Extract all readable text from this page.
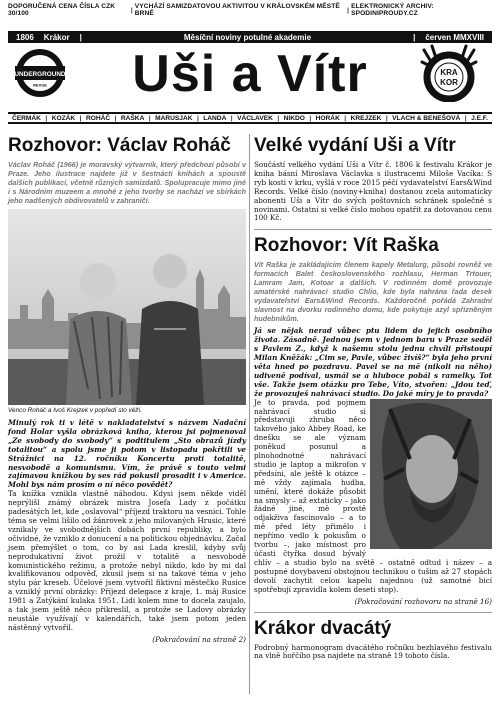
DOPORUČENÁ CENA ČÍSLA CZK 30/100	| VYCHÁZÍ SAMIZDATOVOU AKTIVITOU V KRÁLOVSKÉM MĚSTĚ BRNĚ	| ELEKTRONICKÝ ARCHIV: SPODINIPROUDY.CZ
1806 Krákor |	Měsíční noviny potulné akademie	| červen MMXVIII
UNDERGROUND
REVUE	Uši a Vítr	KRA
KOR
ČERMÁK | KOZÁK | ROHÁČ | RAŠKA | MARUSJAK | LANDA | VÁCLAVEK | NIKDO | HORÁK | KREJZEK | VLACH & BENEŠOVÁ | J.E.F.
Rozhovor: Václav Roháč

Václav Roháč (1966) je moravský výtvarník, který předchozí působí v Praze. Jeho ilustrace najdete již v šestnácti knihách a spoustě dalších publikací, včetně různých samizdatů. Spolupracuje mimo jiné i s Národním muzeem a mnohé z jeho tvorby se nachází ve sbírkách jeho nadšených obdivovatelů v zahraničí.

Venco Roháč a Ivoš Krejzek v popředí sto věží.

Minulý rok ti v létě v nakladatelství s názvem Nadační fond Holar vyšla obrázková kniha, kterou jsi pojmenoval „Ze svobody do svobody“ s podtitulem „Sto obrazů jízdy totalitou“ a spolu jsme ji potom v listopadu pokřtili ve Strážnici na 12. ročníku Koncertu proti totalitě, nesvobodě a komunismu. Vím, že právě s touto velmi zajímavou knížkou by ses rád pokusil prosadit i v Americe. Mohl bys nám prosím o ní něco povědět?

Ta knížka vznikla vlastně náhodou. Kdysi jsem někde viděl neprýlišl známý obrázek mistra Josefa Lady z počátku padesátých let, kde „oslavoval“ příjezd traktoru na vesnici. Tohle téma se velmi lišilo od žánrovek z jeho milovaných Hrusic, které vznikaly ve svobodnějších dobách první republiky, a bylo očividné, že vzniklo z donucení a na politickou objednávku. Začal jsem přemýšlet o tom, co by asi Lada kreslil, kdyby svůj neprodukativní život prožil v totalitě a nesvobodě komunistického režimu, a protože nebyl nikdo, kdo by mi dal kvalifikovanou odpověď, zkusil jsem si na takové téma v jeho stylu pár kreseb. Účelové jsem vytvořil fiktivní městečko Rusice a vzniklý první obrázky: Příjezd delegace z kraje, 1. máj Rusice 1981 a Zatýkání kulaka 1951. Lidi kolem mne to docela zaujalo, a tak jsem ještě něco přikreslil, a protože se Ladovy obrázky neustále využívají v kalendářích, také jsem potom jeden nástěnný vytvořil.

(Pokračování na straně 2)

Velké vydání Uši a Vítr

Součástí velkého vydání Uši a Vítr č. 1806 k festivalu Krákor je kniha básní Miroslava Václavka s ilustracemi Miloše Vacíka: S ryb kosti v krku, vyšlá v roce 2015 péčí vydavatelství Ears&Wind Records. Velké číslo (noviny+kniha) dostanou zcela automaticky abonenti Uši a Vítr do svých poštovních schránek společně s novinami. Ostatní si velké číslo mohou opatřit za dotovanou cenu 100 Kč.

Rozhovor: Vít Raška

Vít Raška je zakládajícím členem kapely Metalurg, působí rovněž ve formacích Balet československého rozhlasu, Herman Trtouer, Lamram Jam, Kotoar a dalších. V rodinném domě provozuje amatérské nahrávací studio Chlio, kde byla nahrána řada desek vydavatelství Ears&Wind Records. Každoročně pořádá Zahradní slavnost na dvorku rodinného domu, kde pokytuje azyl spřízněným hudebníkům.

Já se nějak nerad vůbec ptu lidem do jejich osobního života. Zásadně. Jednou jsem v jednom baru v Praze seděl s Pavlem Z., když k našemu stolu jednu chvíli přistoupí Milan Kněžák: „Cim se, Pavle, vůbec živíš?“ byla jeho první věta hned po pozdravu. Pavel se na mě (nikoli na něho) udiveně podíval, usmál se a hluboce pobál s ramelky. Tot vše. Takže jsem otázku pro Tebe, Víto, stvořen: „Jdou teď, že provozuješ nahrávací studio. Do jaké míry je to pravda?

Je to pravda, pod pojmem nahrávací studio si představuji zhruba něco takového jako Abbey Road, ke dnešku se ale význam poněkud posunul a plnohodnotné nahrávací studio je laptop a mikrofon v předsíni, ale ještě k otázce – mě vždy zajímala hudba, umění, které dokáže působit na smysly – až extaticky – jako žádné jiné, mě prostě odjakživa fascinovalo – a to mě před léty přimělo i nepřímo vedlo k pokusům o tvorbu –, jako místnost pro účasti čtyřka dosud bývalý chlív – a studio bylo na světě – ostatně odtud i název – a postupné dovybavení obstojnou technikou o tušim až 27 stopách dovolí zachytit celou kapelu najednou (už samotné bicí spotřebují zpravidla kolem deseti stop).

(Pokračování rozhovoru na straně 16)

Krákor dvacátý

Podrobný harmonogram dvacátého ročníku bezhlavého festivalu na vlně hořčího psa najdete na straně 19 tohoto čísla.
